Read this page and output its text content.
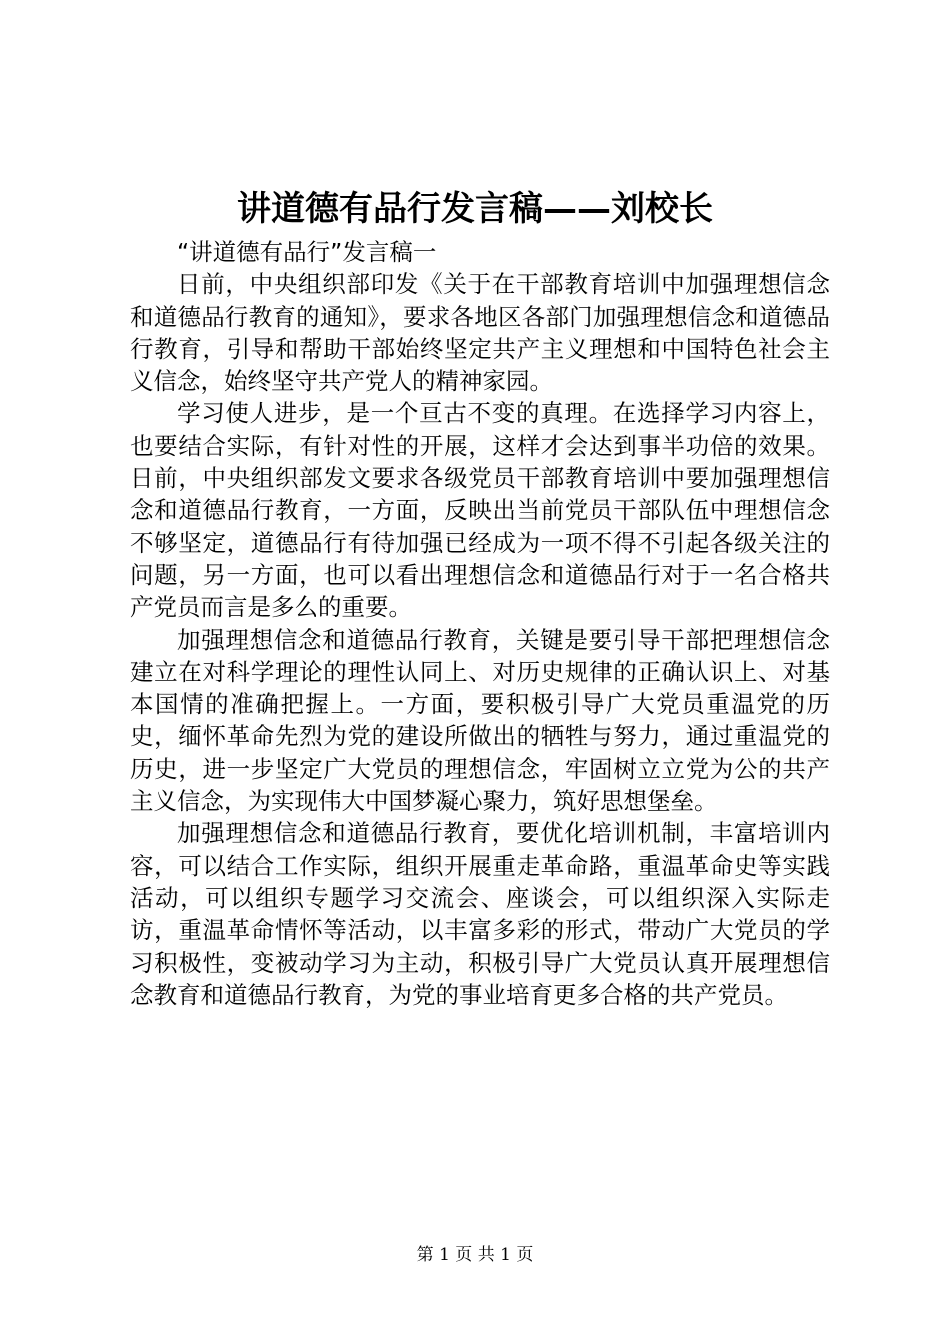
讲道德有品行发言稿——刘校长

“讲道德有品行”发言稿一

日前，中央组织部印发《关于在干部教育培训中加强理想信念和道德品行教育的通知》，要求各地区各部门加强理想信念和道德品行教育，引导和帮助干部始终坚定共产主义理想和中国特色社会主义信念，始终坚守共产党人的精神家园。

学习使人进步，是一个亘古不变的真理。在选择学习内容上，也要结合实际，有针对性的开展，这样才会达到事半功倍的效果。日前，中央组织部发文要求各级党员干部教育培训中要加强理想信念和道德品行教育，一方面，反映出当前党员干部队伍中理想信念不够坚定，道德品行有待加强已经成为一项不得不引起各级关注的问题，另一方面，也可以看出理想信念和道德品行对于一名合格共产党员而言是多么的重要。

加强理想信念和道德品行教育，关键是要引导干部把理想信念建立在对科学理论的理性认同上、对历史规律的正确认识上、对基本国情的准确把握上。一方面，要积极引导广大党员重温党的历史，缅怀革命先烈为党的建设所做出的牺牲与努力，通过重温党的历史，进一步坚定广大党员的理想信念，牢固树立立党为公的共产主义信念，为实现伟大中国梦凝心聚力，筑好思想堡垒。

加强理想信念和道德品行教育，要优化培训机制，丰富培训内容，可以结合工作实际，组织开展重走革命路，重温革命史等实践活动，可以组织专题学习交流会、座谈会，可以组织深入实际走访，重温革命情怀等活动，以丰富多彩的形式，带动广大党员的学习积极性，变被动学习为主动，积极引导广大党员认真开展理想信念教育和道德品行教育，为党的事业培育更多合格的共产党员。

第 1 页 共 1 页
